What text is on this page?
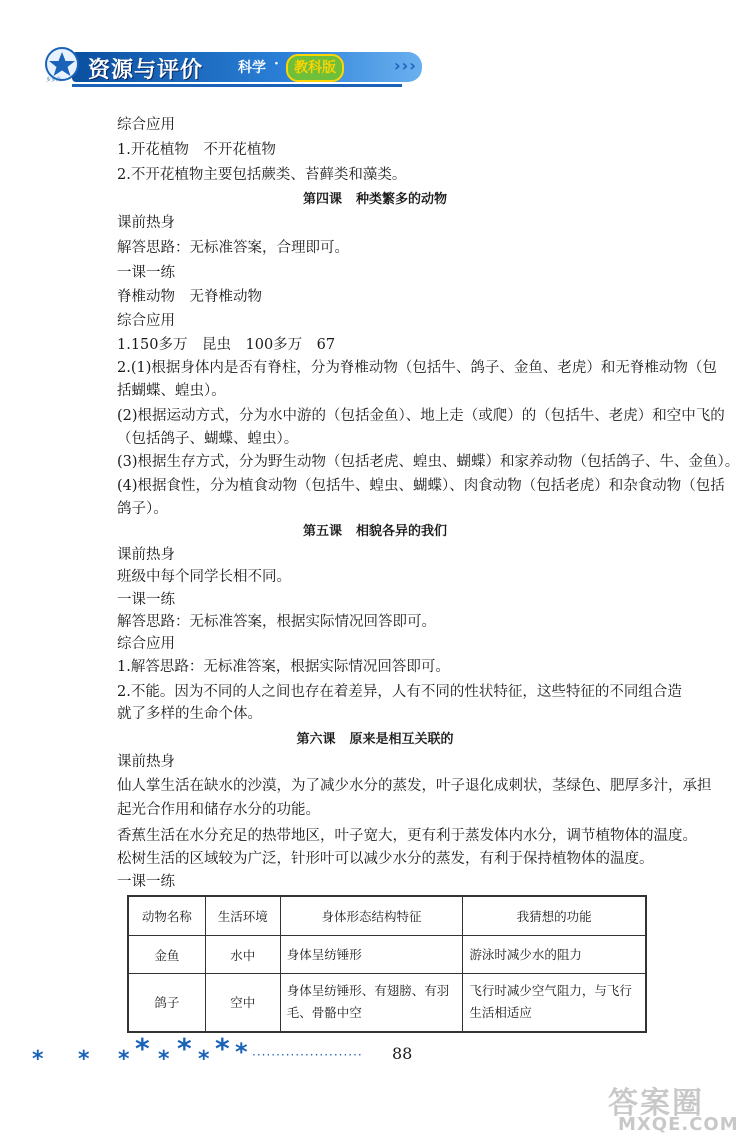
步步高 资源与评价 科学 ·	教科版	›››
综合应用
1.开花植物　不开花植物
2.不开花植物主要包括蕨类、苔藓类和藻类。
第四课 种类繁多的动物
课前热身
解答思路：无标准答案，合理即可。
一课一练
脊椎动物　无脊椎动物
综合应用
1.150多万　昆虫　100多万　67
2.(1)根据身体内是否有脊柱，分为脊椎动物（包括牛、鸽子、金鱼、老虎）和无脊椎动物（包
括蝴蝶、蝗虫）。
(2)根据运动方式，分为水中游的（包括金鱼）、地上走（或爬）的（包括牛、老虎）和空中飞的
（包括鸽子、蝴蝶、蝗虫）。
(3)根据生存方式，分为野生动物（包括老虎、蝗虫、蝴蝶）和家养动物（包括鸽子、牛、金鱼）。
(4)根据食性，分为植食动物（包括牛、蝗虫、蝴蝶）、肉食动物（包括老虎）和杂食动物（包括
鸽子）。
第五课 相貌各异的我们
课前热身
班级中每个同学长相不同。
一课一练
解答思路：无标准答案，根据实际情况回答即可。
综合应用
1.解答思路：无标准答案，根据实际情况回答即可。
2.不能。因为不同的人之间也存在着差异，人有不同的性状特征，这些特征的不同组合造
就了多样的生命个体。
第六课 原来是相互关联的
课前热身
仙人掌生活在缺水的沙漠，为了减少水分的蒸发，叶子退化成刺状，茎绿色、肥厚多汁，承担
起光合作用和储存水分的功能。
香蕉生活在水分充足的热带地区，叶子宽大，更有利于蒸发体内水分，调节植物体的温度。
松树生活的区域较为广泛，针形叶可以减少水分的蒸发，有利于保持植物体的温度。
一课一练
动物名称	生活环境	身体形态结构特征	我猜想的功能
金鱼	水中	身体呈纺锤形	游泳时减少水的阻力
鸽子	空中	身体呈纺锤形、有翅膀、有羽毛、骨骼中空	飞行时减少空气阻力，与飞行生活相适应
* * * * * * * * * ······················· 88
答案圈
MXQE.COM
